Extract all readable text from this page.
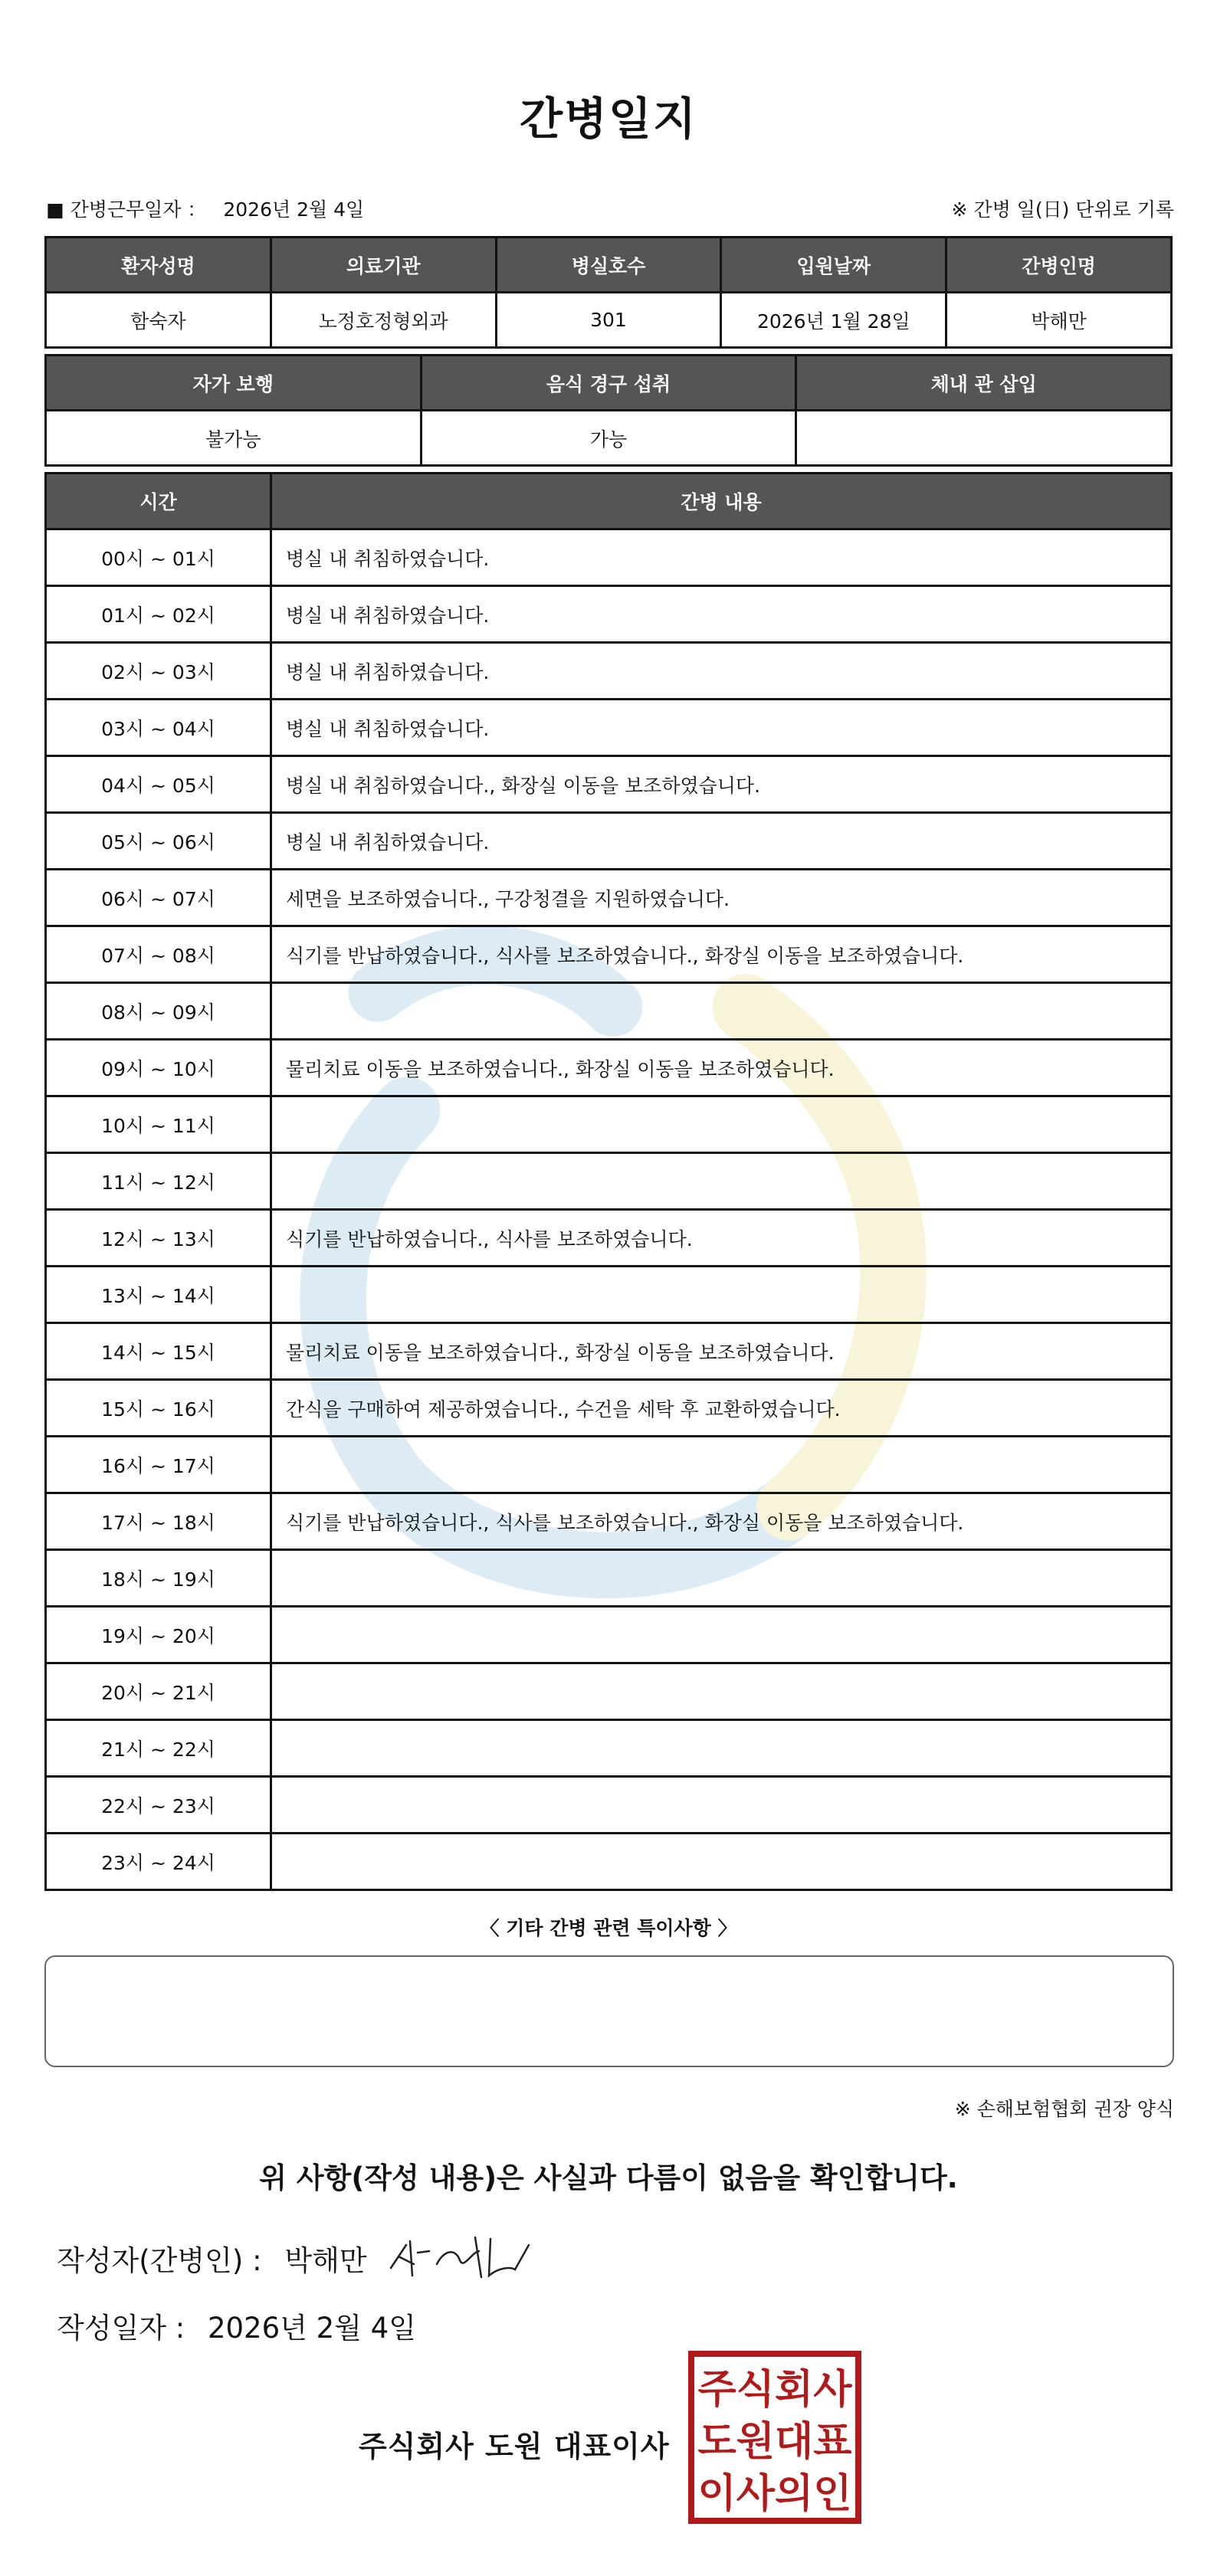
간병일지
■ 간병근무일자 ： 2026년 2월 4일	※ 간병 일(日) 단위로 기록
환자성명	의료기관	병실호수	입원날짜	간병인명
함숙자	노정호정형외과	301	2026년 1월 28일	박해만
자가 보행	음식 경구 섭취	체내 관 삽입
불가능	가능	
시간	간병 내용
00시 ~ 01시	병실 내 취침하였습니다.
01시 ~ 02시	병실 내 취침하였습니다.
02시 ~ 03시	병실 내 취침하였습니다.
03시 ~ 04시	병실 내 취침하였습니다.
04시 ~ 05시	병실 내 취침하였습니다., 화장실 이동을 보조하였습니다.
05시 ~ 06시	병실 내 취침하였습니다.
06시 ~ 07시	세면을 보조하였습니다., 구강청결을 지원하였습니다.
07시 ~ 08시	식기를 반납하였습니다., 식사를 보조하였습니다., 화장실 이동을 보조하였습니다.
08시 ~ 09시	
09시 ~ 10시	물리치료 이동을 보조하였습니다., 화장실 이동을 보조하였습니다.
10시 ~ 11시	
11시 ~ 12시	
12시 ~ 13시	식기를 반납하였습니다., 식사를 보조하였습니다.
13시 ~ 14시	
14시 ~ 15시	물리치료 이동을 보조하였습니다., 화장실 이동을 보조하였습니다.
15시 ~ 16시	간식을 구매하여 제공하였습니다., 수건을 세탁 후 교환하였습니다.
16시 ~ 17시	
17시 ~ 18시	식기를 반납하였습니다., 식사를 보조하였습니다., 화장실 이동을 보조하였습니다.
18시 ~ 19시	
19시 ~ 20시	
20시 ~ 21시	
21시 ~ 22시	
22시 ~ 23시	
23시 ~ 24시	
〈 기타 간병 관련 특이사항 〉
※ 손해보험협회 권장 양식
위 사항(작성 내용)은 사실과 다름이 없음을 확인합니다.
작성자(간병인) : 박해만
작성일자 : 2026년 2월 4일
주식회사 도원 대표이사
주식회사
도원대표
이사의인
